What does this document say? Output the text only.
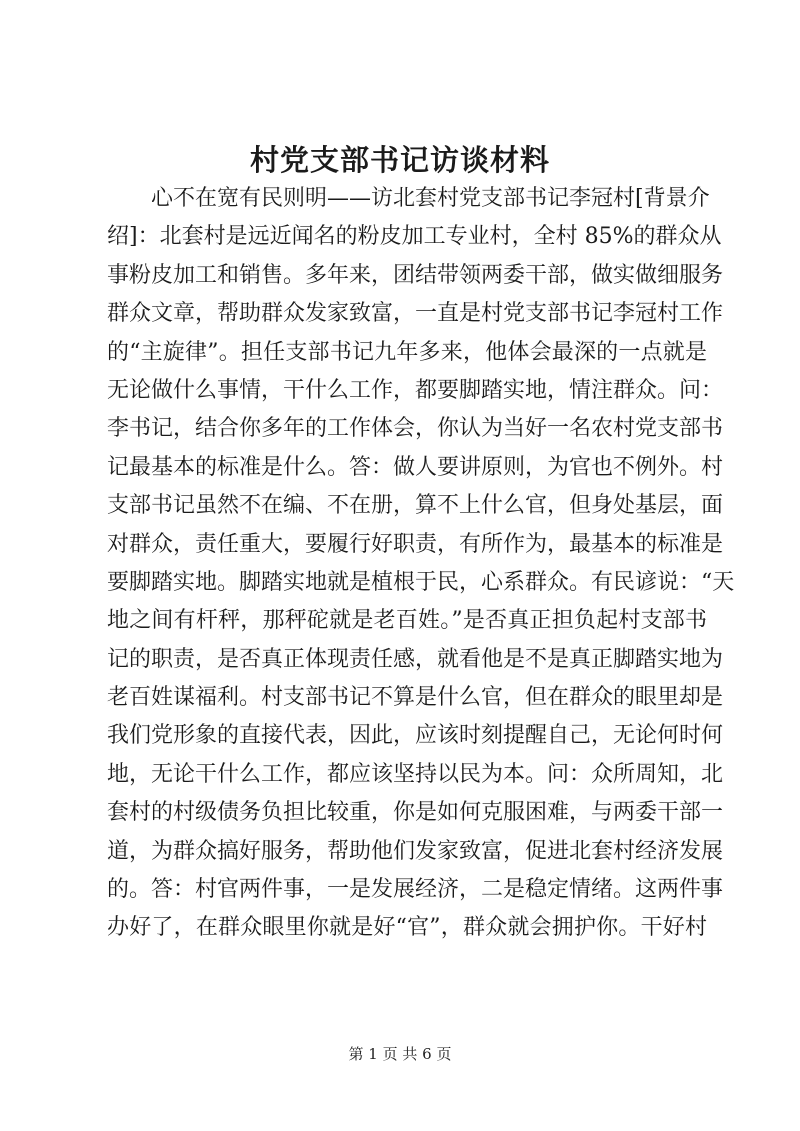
村党支部书记访谈材料
　　心不在宽有民则明——访北套村党支部书记李冠村[背景介
绍]：北套村是远近闻名的粉皮加工专业村，全村 85%的群众从
事粉皮加工和销售。多年来，团结带领两委干部，做实做细服务
群众文章，帮助群众发家致富，一直是村党支部书记李冠村工作
的“主旋律”。担任支部书记九年多来，他体会最深的一点就是
无论做什么事情，干什么工作，都要脚踏实地，情注群众。问：
李书记，结合你多年的工作体会，你认为当好一名农村党支部书
记最基本的标准是什么。答：做人要讲原则，为官也不例外。村
支部书记虽然不在编、不在册，算不上什么官，但身处基层，面
对群众，责任重大，要履行好职责，有所作为，最基本的标准是
要脚踏实地。脚踏实地就是植根于民，心系群众。有民谚说：“天
地之间有杆秤，那秤砣就是老百姓。”是否真正担负起村支部书
记的职责，是否真正体现责任感，就看他是不是真正脚踏实地为
老百姓谋福利。村支部书记不算是什么官，但在群众的眼里却是
我们党形象的直接代表，因此，应该时刻提醒自己，无论何时何
地，无论干什么工作，都应该坚持以民为本。问：众所周知，北
套村的村级债务负担比较重，你是如何克服困难，与两委干部一
道，为群众搞好服务，帮助他们发家致富，促进北套村经济发展
的。答：村官两件事，一是发展经济，二是稳定情绪。这两件事
办好了，在群众眼里你就是好“官”，群众就会拥护你。干好村
第 1 页 共 6 页
